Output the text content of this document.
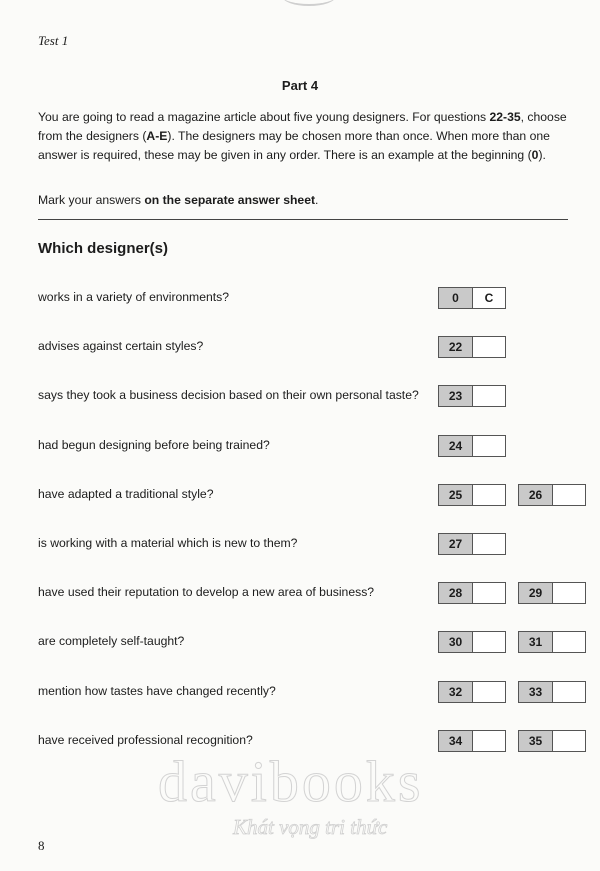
Test 1
Part 4

You are going to read a magazine article about five young designers. For questions 22-35, choose from the designers (A-E). The designers may be chosen more than once. When more than one answer is required, these may be given in any order. There is an example at the beginning (0).

Mark your answers on the separate answer sheet.
Which designer(s)
works in a variety of environments?	0	C
advises against certain styles?	22
says they took a business decision based on their own personal taste?	23
had begun designing before being trained?	24
have adapted a traditional style?	25	26
is working with a material which is new to them?	27
have used their reputation to develop a new area of business?	28	29
are completely self-taught?	30	31
mention how tastes have changed recently?	32	33
have received professional recognition?	34	35
davibooks
Khát vọng tri thức
8
